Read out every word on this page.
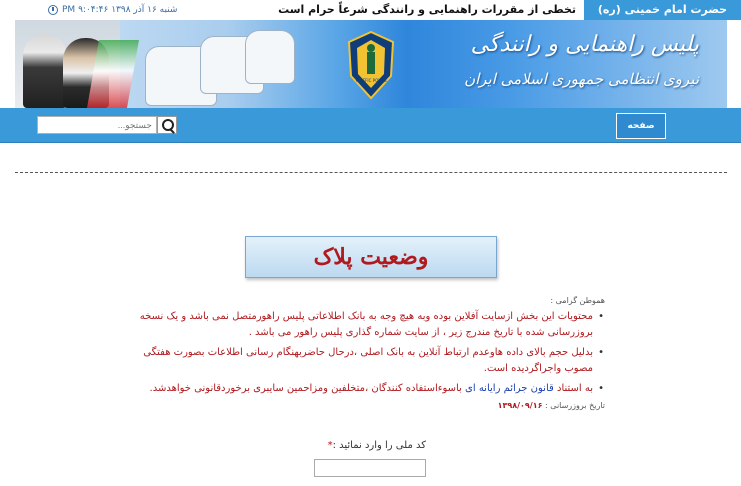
حضرت امام خمینی (ره)
تخطی از مقررات راهنمایی و رانندگی شرعاً حرام است
شنبه ۱۶ آذر ۱۳۹۸ ۹:۰۴:۴۶ PM
TRAFFIC POLICE
پلیس راهنمایی و رانندگی
نیروی انتظامی جمهوری اسلامی ایران
صفحه اصلی
جستجو...
وضعیت پلاک
هموطن گرامی :
• محتویات این بخش ازسایت آفلاین بوده وبه هیچ وجه به بانک اطلاعاتی پلیس راهورمتصل نمی باشد و یک نسخه بروزرسانی شده با تاریخ مندرج زیر ، از سایت شماره گذاری پلیس راهور می باشد .
• بدلیل حجم بالای داده هاوعدم ارتباط آنلاین به بانک اصلی ،درحال حاضربهنگام رسانی اطلاعات بصورت هفتگی مصوب واجراگردیده است.
• به استناد قانون جرائم رایانه ای باسوءاستفاده کنندگان ،متخلفین ومزاحمین سایبری برخوردقانونی خواهدشد.
تاریخ بروزرسانی : ۱۳۹۸/۰۹/۱۶
کد ملی را وارد نمائید :*
